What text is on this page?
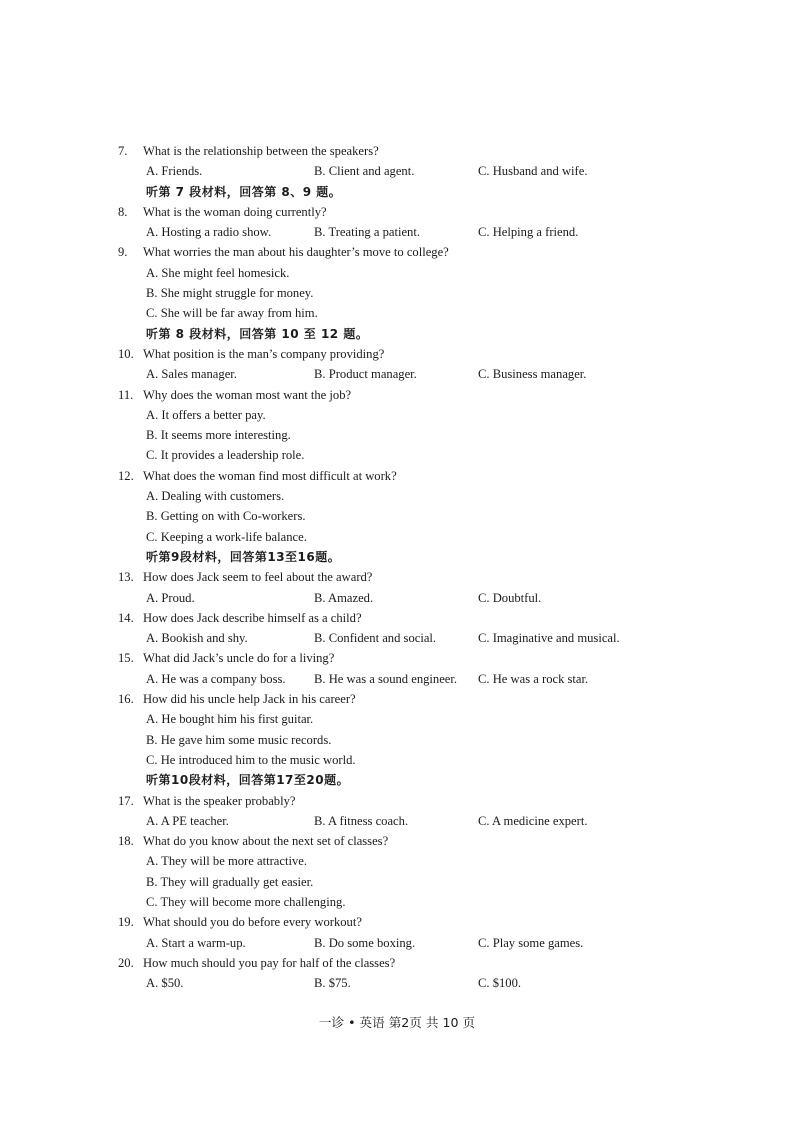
7.	What is the relationship between the speakers?
A. Friends.	B. Client and agent.	C. Husband and wife.
听第 7 段材料，回答第 8、9 题。
8.	What is the woman doing currently?
A. Hosting a radio show.	B. Treating a patient.	C. Helping a friend.
9.	What worries the man about his daughter’s move to college?
A. She might feel homesick.
B. She might struggle for money.
C. She will be far away from him.
听第 8 段材料，回答第 10 至 12 题。
10. What position is the man’s company providing?
A. Sales manager.	B. Product manager.	C. Business manager.
11. Why does the woman most want the job?
A. It offers a better pay.
B. It seems more interesting.
C. It provides a leadership role.
12. What does the woman find most difficult at work?
A. Dealing with customers.
B. Getting on with Co-workers.
C. Keeping a work-life balance.
听第9段材料，回答第13至16题。
13. How does Jack seem to feel about the award?
A. Proud.	B. Amazed.	C. Doubtful.
14. How does Jack describe himself as a child?
A. Bookish and shy.	B. Confident and social.	C. Imaginative and musical.
15. What did Jack’s uncle do for a living?
A. He was a company boss. B. He was a sound engineer. C. He was a rock star.
16. How did his uncle help Jack in his career?
A. He bought him his first guitar.
B. He gave him some music records.
C. He introduced him to the music world.
听第10段材料，回答第17至20题。
17. What is the speaker probably?
A. A PE teacher.	B. A fitness coach.	C. A medicine expert.
18. What do you know about the next set of classes?
A. They will be more attractive.
B. They will gradually get easier.
C. They will become more challenging.
19. What should you do before every workout?
A. Start a warm-up.	B. Do some boxing.	C. Play some games.
20. How much should you pay for half of the classes?
A. $50.	B. $75.	C. $100.
一诊 • 英语 第2页 共 10 页
